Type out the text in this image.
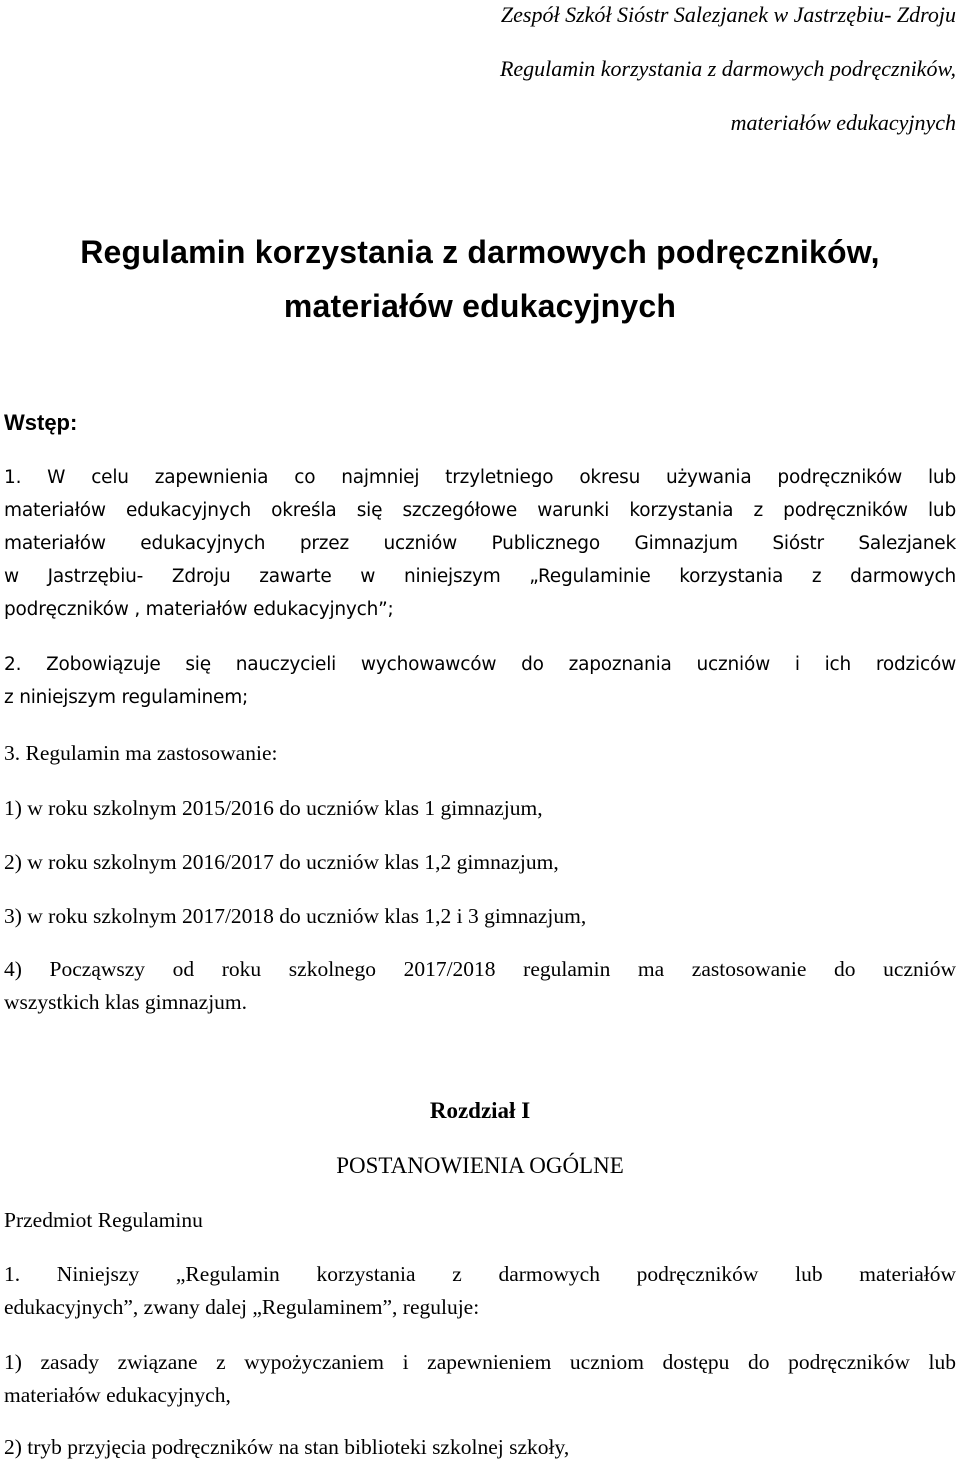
Zespół Szkół Sióstr Salezjanek w Jastrzębiu- Zdroju
Regulamin korzystania z darmowych podręczników,
materiałów edukacyjnych
Regulamin korzystania z darmowych podręczników,
materiałów edukacyjnych
Wstęp:
1. W celu zapewnienia co najmniej trzyletniego okresu używania podręczników lub
materiałów edukacyjnych określa się szczegółowe warunki korzystania z podręczników lub
materiałów edukacyjnych przez uczniów Publicznego Gimnazjum Sióstr Salezjanek
w Jastrzębiu- Zdroju zawarte w niniejszym „Regulaminie korzystania z darmowych
podręczników , materiałów edukacyjnych”;
2. Zobowiązuje się nauczycieli wychowawców do zapoznania uczniów i ich rodziców
z niniejszym regulaminem;
3. Regulamin ma zastosowanie:
1) w roku szkolnym 2015/2016 do uczniów klas 1 gimnazjum,
2) w roku szkolnym 2016/2017 do uczniów klas 1,2 gimnazjum,
3) w roku szkolnym 2017/2018 do uczniów klas 1,2 i 3 gimnazjum,
4) Począwszy od roku szkolnego 2017/2018 regulamin ma zastosowanie do uczniów
wszystkich klas gimnazjum.
Rozdział I
POSTANOWIENIA OGÓLNE
Przedmiot Regulaminu
1. Niniejszy „Regulamin korzystania z darmowych podręczników lub materiałów
edukacyjnych”, zwany dalej „Regulaminem”, reguluje:
1) zasady związane z wypożyczaniem i zapewnieniem uczniom dostępu do podręczników lub
materiałów edukacyjnych,
2) tryb przyjęcia podręczników na stan biblioteki szkolnej szkoły,
